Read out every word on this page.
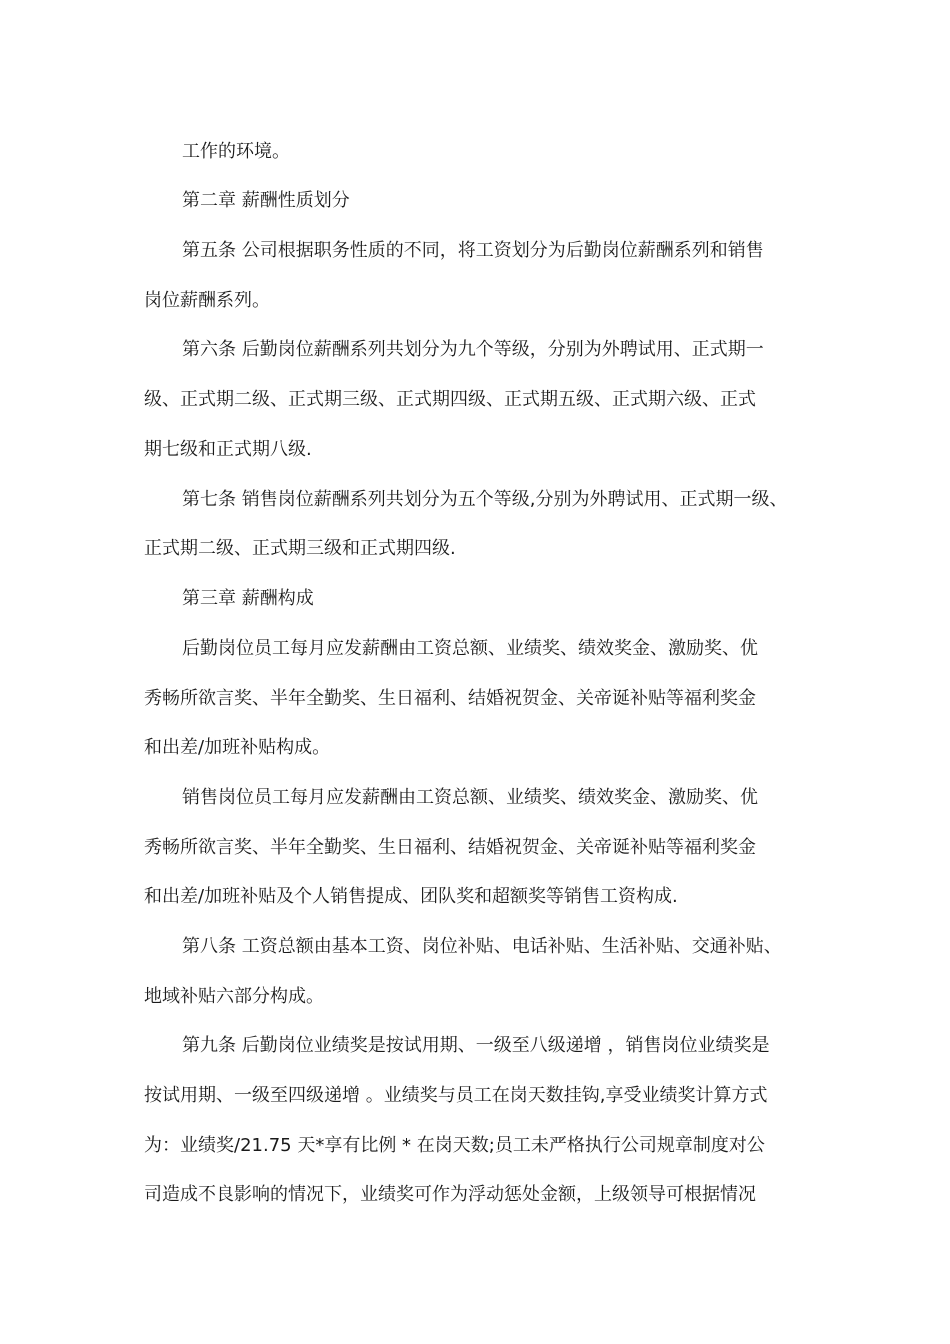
工作的环境。
第二章 薪酬性质划分
第五条 公司根据职务性质的不同，将工资划分为后勤岗位薪酬系列和销售
岗位薪酬系列。
第六条 后勤岗位薪酬系列共划分为九个等级，分别为外聘试用、正式期一
级、正式期二级、正式期三级、正式期四级、正式期五级、正式期六级、正式
期七级和正式期八级.
第七条 销售岗位薪酬系列共划分为五个等级,分别为外聘试用、正式期一级、
正式期二级、正式期三级和正式期四级.
第三章 薪酬构成
后勤岗位员工每月应发薪酬由工资总额、业绩奖、绩效奖金、激励奖、优
秀畅所欲言奖、半年全勤奖、生日福利、结婚祝贺金、关帝诞补贴等福利奖金
和出差/加班补贴构成。
销售岗位员工每月应发薪酬由工资总额、业绩奖、绩效奖金、激励奖、优
秀畅所欲言奖、半年全勤奖、生日福利、结婚祝贺金、关帝诞补贴等福利奖金
和出差/加班补贴及个人销售提成、团队奖和超额奖等销售工资构成.
第八条 工资总额由基本工资、岗位补贴、电话补贴、生活补贴、交通补贴、
地域补贴六部分构成。
第九条 后勤岗位业绩奖是按试用期、一级至八级递增 ，销售岗位业绩奖是
按试用期、一级至四级递增 。业绩奖与员工在岗天数挂钩,享受业绩奖计算方式
为：业绩奖/21.75 天*享有比例 * 在岗天数;员工未严格执行公司规章制度对公
司造成不良影响的情况下，业绩奖可作为浮动惩处金额，上级领导可根据情况
